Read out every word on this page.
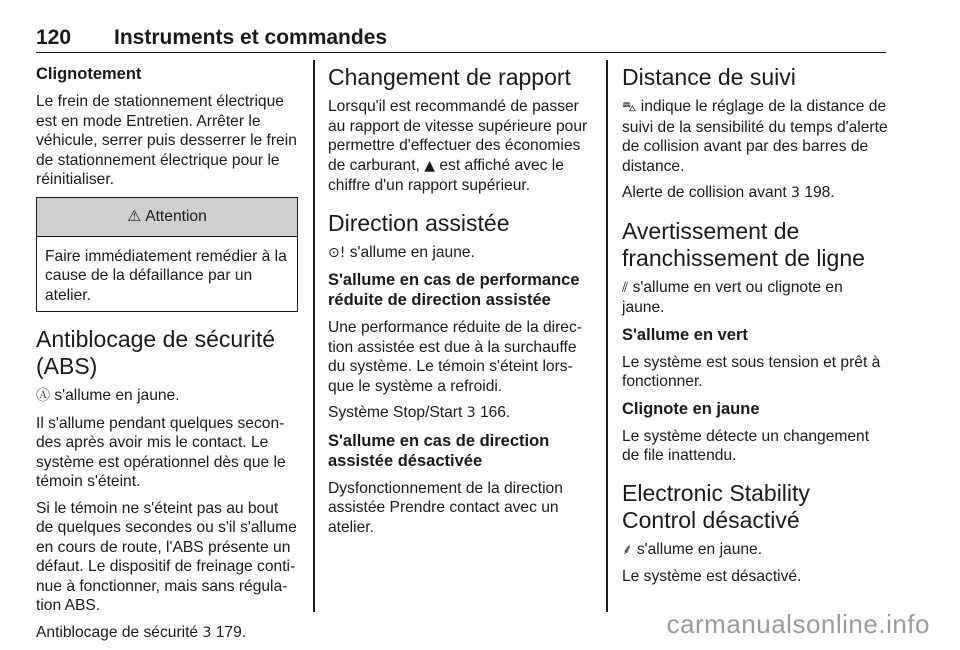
120 Instruments et commandes
Clignotement

Le frein de stationnement électrique est en mode Entretien. Arrêter le véhicule, serrer puis desserrer le frein de stationnement électrique pour le réinitialiser.

⚠ Attention

Faire immédiatement remédier à la cause de la défaillance par un atelier.

Antiblocage de sécurité (ABS)

Ⓐ s'allume en jaune.

Il s'allume pendant quelques secon- des après avoir mis le contact. Le système est opérationnel dès que le témoin s'éteint.

Si le témoin ne s'éteint pas au bout de quelques secondes ou s'il s'allume en cours de route, l'ABS présente un défaut. Le dispositif de freinage conti- nue à fonctionner, mais sans régula- tion ABS.

Antiblocage de sécurité 3 179.

Changement de rapport

Lorsqu'il est recommandé de passer au rapport de vitesse supérieure pour permettre d'effectuer des économies de carburant, ▲ est affiché avec le chiffre d'un rapport supérieur.

Direction assistée

⊙! s'allume en jaune.

S'allume en cas de performance réduite de direction assistée

Une performance réduite de la direc- tion assistée est due à la surchauffe du système. Le témoin s'éteint lors- que le système a refroidi.

Système Stop/Start 3 166.

S'allume en cas de direction assistée désactivée

Dysfonctionnement de la direction assistée Prendre contact avec un atelier.

Distance de suivi

⛍ indique le réglage de la distance de suivi de la sensibilité du temps d'alerte de collision avant par des barres de distance.

Alerte de collision avant 3 198.

Avertissement de franchissement de ligne

⫽ s'allume en vert ou clignote en jaune.

S'allume en vert

Le système est sous tension et prêt à fonctionner.

Clignote en jaune

Le système détecte un changement de file inattendu.

Electronic Stability Control désactivé

⸙ s'allume en jaune.

Le système est désactivé.

carmanualsonline.info
